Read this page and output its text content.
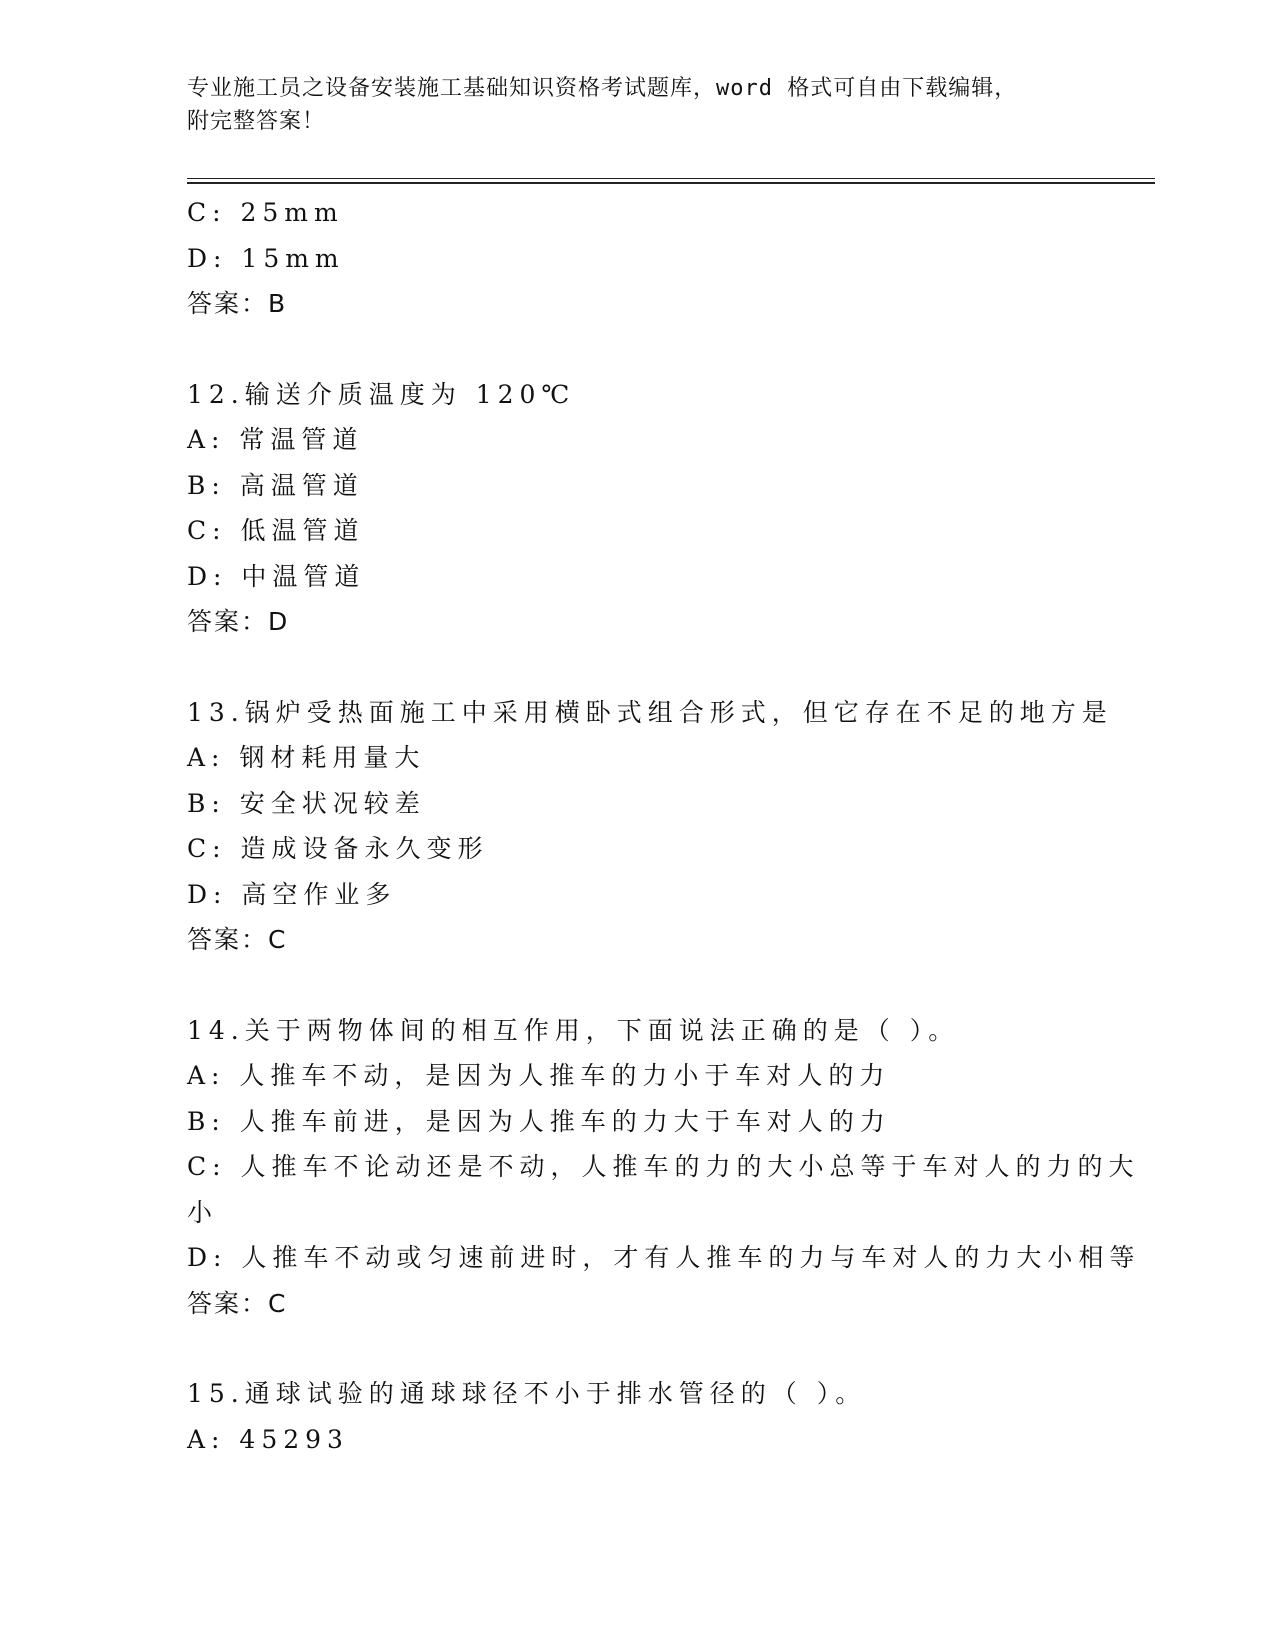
专业施工员之设备安装施工基础知识资格考试题库，word 格式可自由下载编辑，
附完整答案！
C: 25mm
D: 15mm
答案：B
12.输送介质温度为 120℃
A: 常温管道
B: 高温管道
C: 低温管道
D: 中温管道
答案：D
13.锅炉受热面施工中采用横卧式组合形式，但它存在不足的地方是
A: 钢材耗用量大
B: 安全状况较差
C: 造成设备永久变形
D: 高空作业多
答案：C
14.关于两物体间的相互作用，下面说法正确的是（ ）。
A: 人推车不动，是因为人推车的力小于车对人的力
B: 人推车前进，是因为人推车的力大于车对人的力
C: 人推车不论动还是不动，人推车的力的大小总等于车对人的力的大
小
D: 人推车不动或匀速前进时，才有人推车的力与车对人的力大小相等
答案：C
15.通球试验的通球球径不小于排水管径的（ ）。
A: 45293
